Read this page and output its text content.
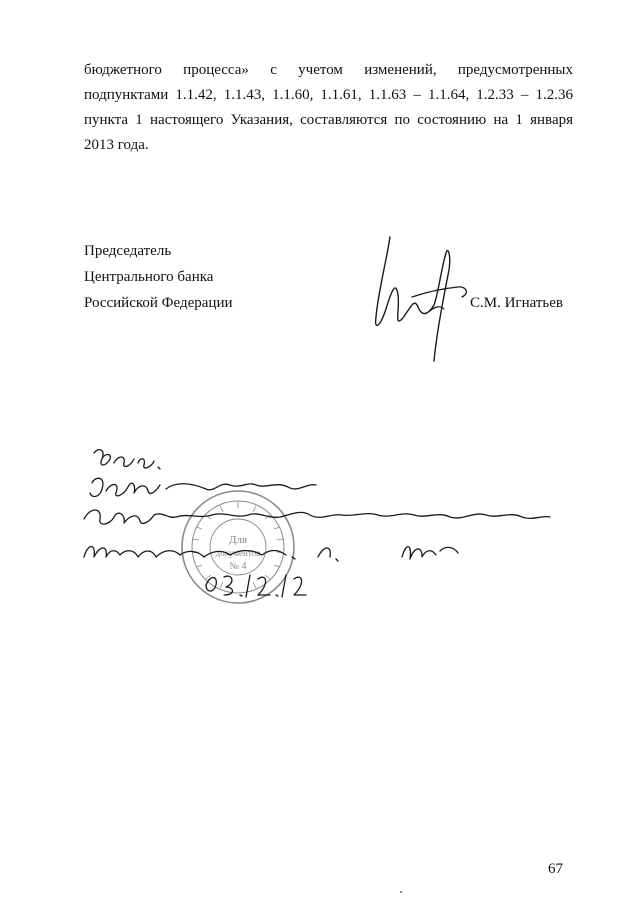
бюджетного процесса» с учетом изменений, предусмотренных
подпунктами 1.1.42, 1.1.43, 1.1.60, 1.1.61, 1.1.63 – 1.1.64, 1.2.33 – 1.2.36
пункта 1 настоящего Указания, составляются по состоянию на 1 января
2013 года.
Председатель
Центрального банка
Российской Федерации	С.М. Игнатьев
Для
документов
№ 4
67
